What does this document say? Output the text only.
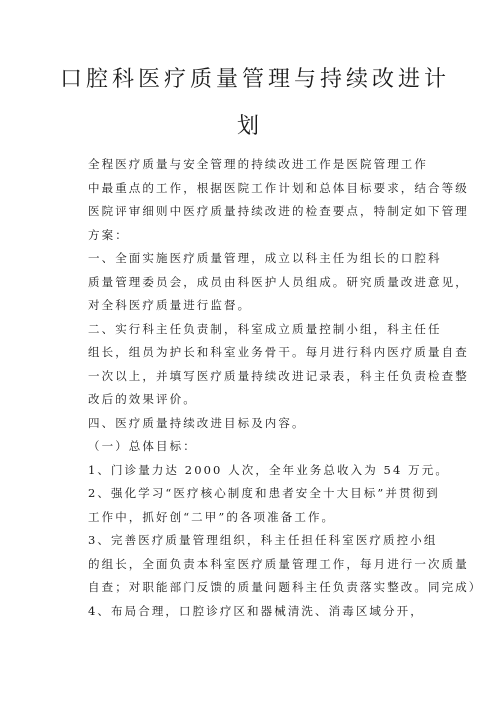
口腔科医疗质量管理与持续改进计
划

全程医疗质量与安全管理的持续改进工作是医院管理工作
中最重点的工作，根据医院工作计划和总体目标要求，结合等级
医院评审细则中医疗质量持续改进的检查要点，特制定如下管理
方案：

一、全面实施医疗质量管理，成立以科主任为组长的口腔科
质量管理委员会，成员由科医护人员组成。研究质量改进意见，
对全科医疗质量进行监督。

二、实行科主任负责制，科室成立质量控制小组，科主任任
组长，组员为护长和科室业务骨干。每月进行科内医疗质量自查
一次以上，并填写医疗质量持续改进记录表，科主任负责检查整
改后的效果评价。

四、医疗质量持续改进目标及内容。

（一）总体目标：

1、门诊量力达 2000 人次，全年业务总收入为 54 万元。

2、强化学习“医疗核心制度和患者安全十大目标”并贯彻到
工作中，抓好创“二甲”的各项准备工作。

3、完善医疗质量管理组织，科主任担任科室医疗质控小组
的组长，全面负责本科室医疗质量管理工作，每月进行一次质量
自查；对职能部门反馈的质量问题科主任负责落实整改。同完成）

4、布局合理，口腔诊疗区和器械清洗、消毒区域分开，
